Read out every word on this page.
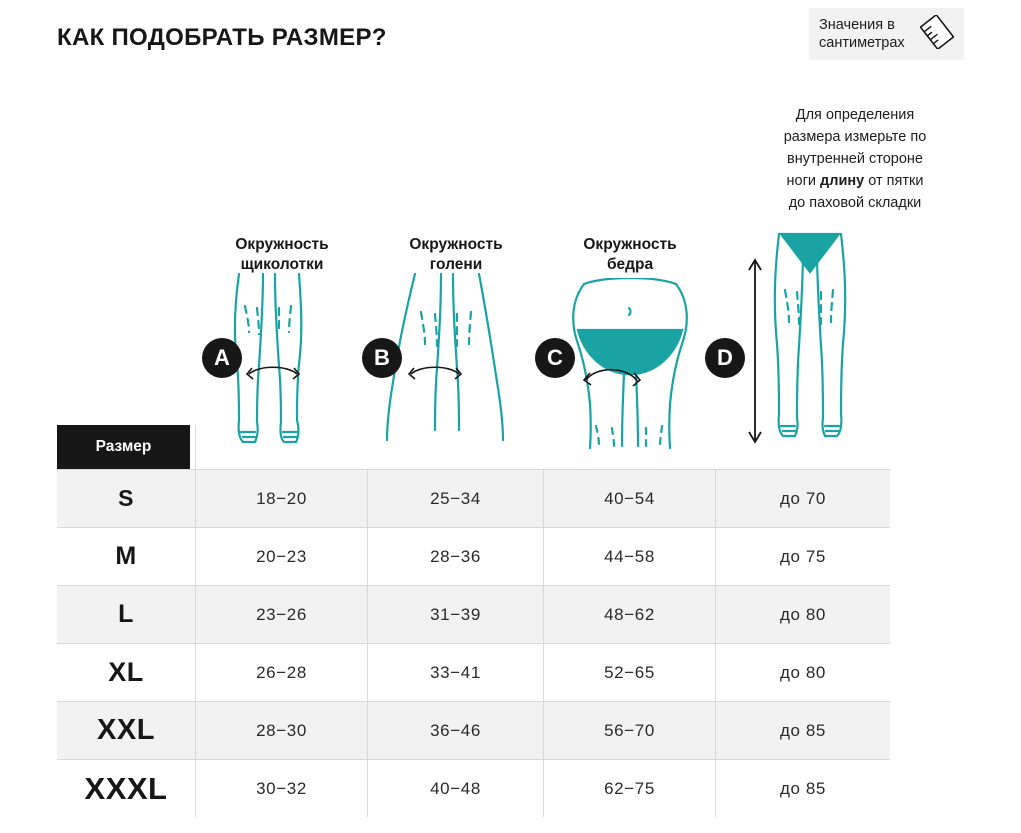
КАК ПОДОБРАТЬ РАЗМЕР?	Значения в сантиметрах
Для определения
размера измерьте по
внутренней стороне
ноги длину от пятки
до паховой складки
Окружность
щиколотки
Окружность
голени
Окружность
бедра
A	B	C	D
Размер
S	18−20	25−34	40−54	до 70
M	20−23	28−36	44−58	до 75
L	23−26	31−39	48−62	до 80
XL	26−28	33−41	52−65	до 80
XXL	28−30	36−46	56−70	до 85
XXXL	30−32	40−48	62−75	до 85
